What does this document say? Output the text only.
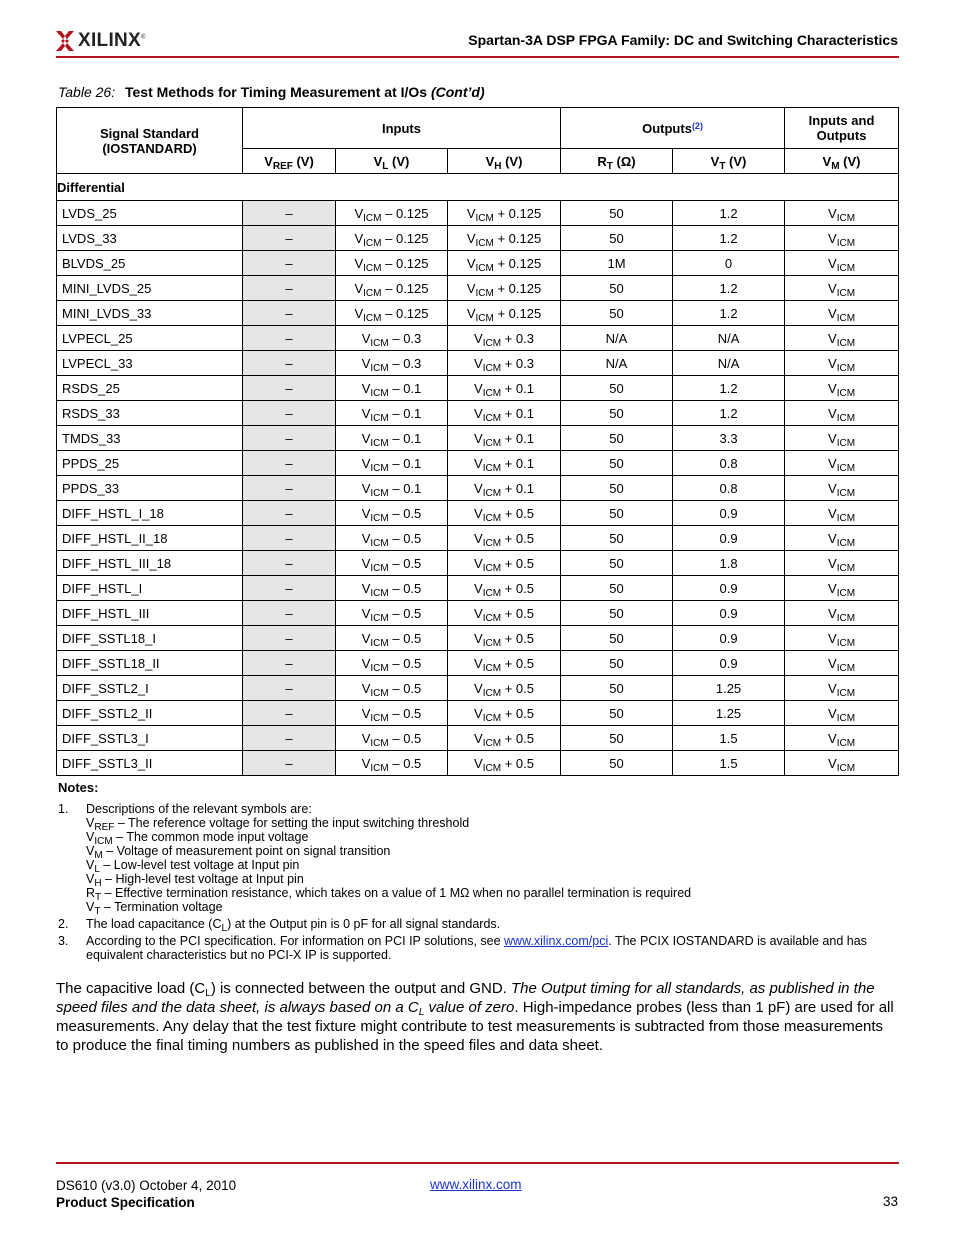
XILINX®	Spartan-3A DSP FPGA Family: DC and Switching Characteristics
Table 26: Test Methods for Timing Measurement at I/Os (Cont’d)
Signal Standard (IOSTANDARD)	Inputs			Outputs$^{(2)}$		Inputs and Outputs
	$V_{REF}$ (V)	$V_L$ (V)	$V_H$ (V)	$R_T$ (Ω)	$V_T$ (V)	$V_M$ (V)
Differential						
LVDS_25	–	$V_{ICM} - 0.125$	$V_{ICM} + 0.125$	50	1.2	$V_{ICM}$
LVDS_33	–	$V_{ICM} - 0.125$	$V_{ICM} + 0.125$	50	1.2	$V_{ICM}$
BLVDS_25	–	$V_{ICM} - 0.125$	$V_{ICM} + 0.125$	1M	0	$V_{ICM}$
MINI_LVDS_25	–	$V_{ICM} - 0.125$	$V_{ICM} + 0.125$	50	1.2	$V_{ICM}$
MINI_LVDS_33	–	$V_{ICM} - 0.125$	$V_{ICM} + 0.125$	50	1.2	$V_{ICM}$
LVPECL_25	–	$V_{ICM} - 0.3$	$V_{ICM} + 0.3$	N/A	N/A	$V_{ICM}$
LVPECL_33	–	$V_{ICM} - 0.3$	$V_{ICM} + 0.3$	N/A	N/A	$V_{ICM}$
RSDS_25	–	$V_{ICM} - 0.1$	$V_{ICM} + 0.1$	50	1.2	$V_{ICM}$
RSDS_33	–	$V_{ICM} - 0.1$	$V_{ICM} + 0.1$	50	1.2	$V_{ICM}$
TMDS_33	–	$V_{ICM} - 0.1$	$V_{ICM} + 0.1$	50	3.3	$V_{ICM}$
PPDS_25	–	$V_{ICM} - 0.1$	$V_{ICM} + 0.1$	50	0.8	$V_{ICM}$
PPDS_33	–	$V_{ICM} - 0.1$	$V_{ICM} + 0.1$	50	0.8	$V_{ICM}$
DIFF_HSTL_I_18	–	$V_{ICM} - 0.5$	$V_{ICM} + 0.5$	50	0.9	$V_{ICM}$
DIFF_HSTL_II_18	–	$V_{ICM} - 0.5$	$V_{ICM} + 0.5$	50	0.9	$V_{ICM}$
DIFF_HSTL_III_18	–	$V_{ICM} - 0.5$	$V_{ICM} + 0.5$	50	1.8	$V_{ICM}$
DIFF_HSTL_I	–	$V_{ICM} - 0.5$	$V_{ICM} + 0.5$	50	0.9	$V_{ICM}$
DIFF_HSTL_III	–	$V_{ICM} - 0.5$	$V_{ICM} + 0.5$	50	0.9	$V_{ICM}$
DIFF_SSTL18_I	–	$V_{ICM} - 0.5$	$V_{ICM} + 0.5$	50	0.9	$V_{ICM}$
DIFF_SSTL18_II	–	$V_{ICM} - 0.5$	$V_{ICM} + 0.5$	50	0.9	$V_{ICM}$
DIFF_SSTL2_I	–	$V_{ICM} - 0.5$	$V_{ICM} + 0.5$	50	1.25	$V_{ICM}$
DIFF_SSTL2_II	–	$V_{ICM} - 0.5$	$V_{ICM} + 0.5$	50	1.25	$V_{ICM}$
DIFF_SSTL3_I	–	$V_{ICM} - 0.5$	$V_{ICM} + 0.5$	50	1.5	$V_{ICM}$
DIFF_SSTL3_II	–	$V_{ICM} - 0.5$	$V_{ICM} + 0.5$	50	1.5	$V_{ICM}$
Notes:
1. Descriptions of the relevant symbols are:
$V_{REF}$ – The reference voltage for setting the input switching threshold
$V_{ICM}$ – The common mode input voltage
$V_M$ – Voltage of measurement point on signal transition
$V_L$ – Low-level test voltage at Input pin
$V_H$ – High-level test voltage at Input pin
$R_T$ – Effective termination resistance, which takes on a value of 1 MΩ when no parallel termination is required
$V_T$ – Termination voltage
2. The load capacitance $(C_L)$ at the Output pin is 0 pF for all signal standards.
3. According to the PCI specification. For information on PCI IP solutions, see www.xilinx.com/pci. The PCIX IOSTANDARD is available and has equivalent characteristics but no PCI-X IP is supported.
The capacitive load $(C_L)$ is connected between the output and GND. The Output timing for all standards, as published in the speed files and the data sheet, is always based on a $C_L$ value of zero. High-impedance probes (less than 1 pF) are used for all measurements. Any delay that the test fixture might contribute to test measurements is subtracted from those measurements to produce the final timing numbers as published in the speed files and data sheet.
DS610 (v3.0) October 4, 2010
Product Specification
www.xilinx.com
33
